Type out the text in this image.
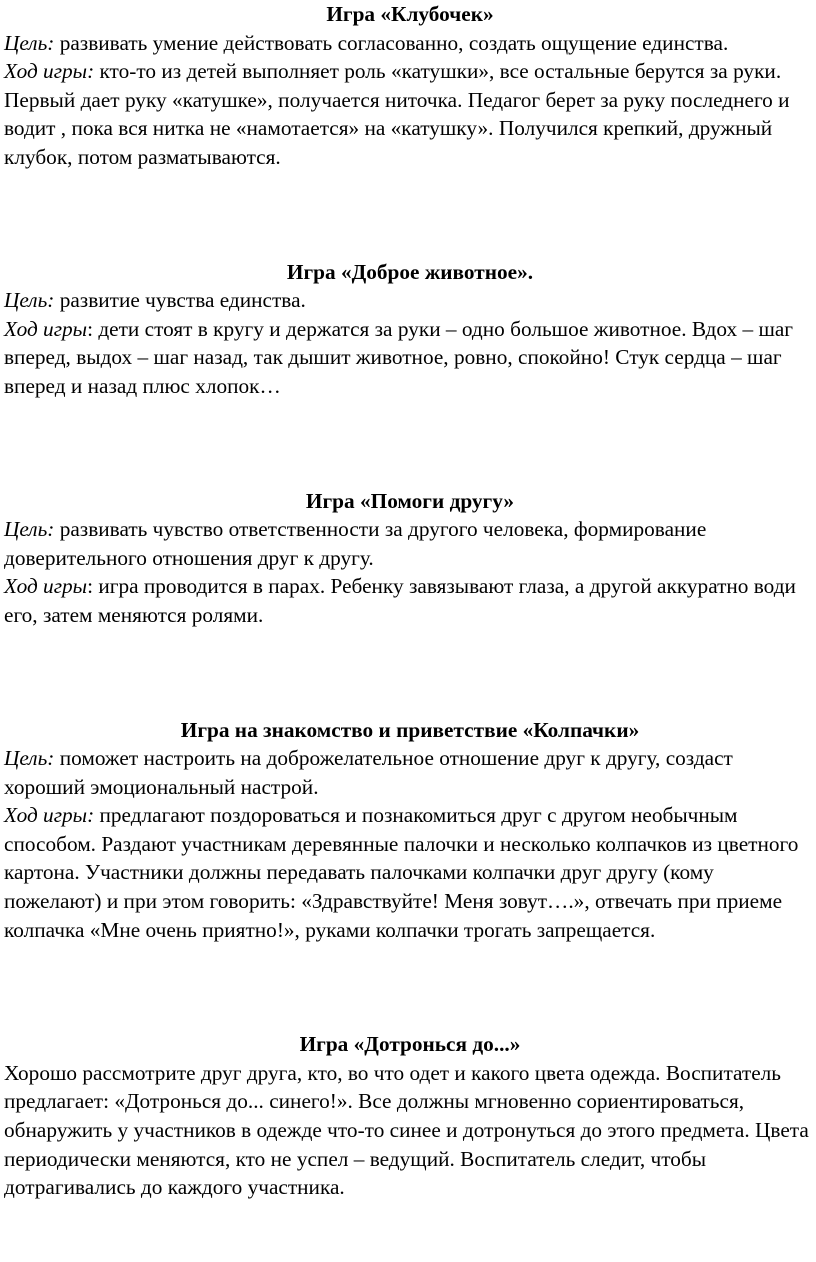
Игра «Клубочек»

Цель: развивать умение действовать согласованно, создать ощущение единства.

Ход игры: кто-то из детей выполняет роль «катушки», все остальные берутся за руки. Первый дает руку «катушке», получается ниточка. Педагог берет за руку последнего и водит , пока вся нитка не «намотается» на «катушку». Получился крепкий, дружный клубок, потом разматываются.

Игра «Доброе животное».

Цель: развитие чувства единства.

Ход игры: дети стоят в кругу и держатся за руки – одно большое животное. Вдох – шаг вперед, выдох – шаг назад, так дышит животное, ровно, спокойно! Стук сердца – шаг вперед и назад плюс хлопок…

Игра «Помоги другу»

Цель: развивать чувство ответственности за другого человека, формирование доверительного отношения друг к другу.

Ход игры: игра проводится в парах. Ребенку завязывают глаза, а другой аккуратно води его, затем меняются ролями.

Игра на знакомство и приветствие «Колпачки»

Цель: поможет настроить на доброжелательное отношение друг к другу, создаст хороший эмоциональный настрой.

Ход игры: предлагают поздороваться и познакомиться друг с другом необычным способом. Раздают участникам деревянные палочки и несколько колпачков из цветного картона. Участники должны передавать палочками колпачки друг другу (кому пожелают) и при этом говорить: «Здравствуйте! Меня зовут….», отвечать при приеме колпачка «Мне очень приятно!», руками колпачки трогать запрещается.

Игра «Дотронься до...»

Хорошо рассмотрите друг друга, кто, во что одет и какого цвета одежда. Воспитатель предлагает: «Дотронься до... синего!». Все должны мгновенно сориентироваться, обнаружить у участников в одежде что-то синее и дотронуться до этого предмета. Цвета периодически меняются, кто не успел – ведущий. Воспитатель следит, чтобы дотрагивались до каждого участника.
